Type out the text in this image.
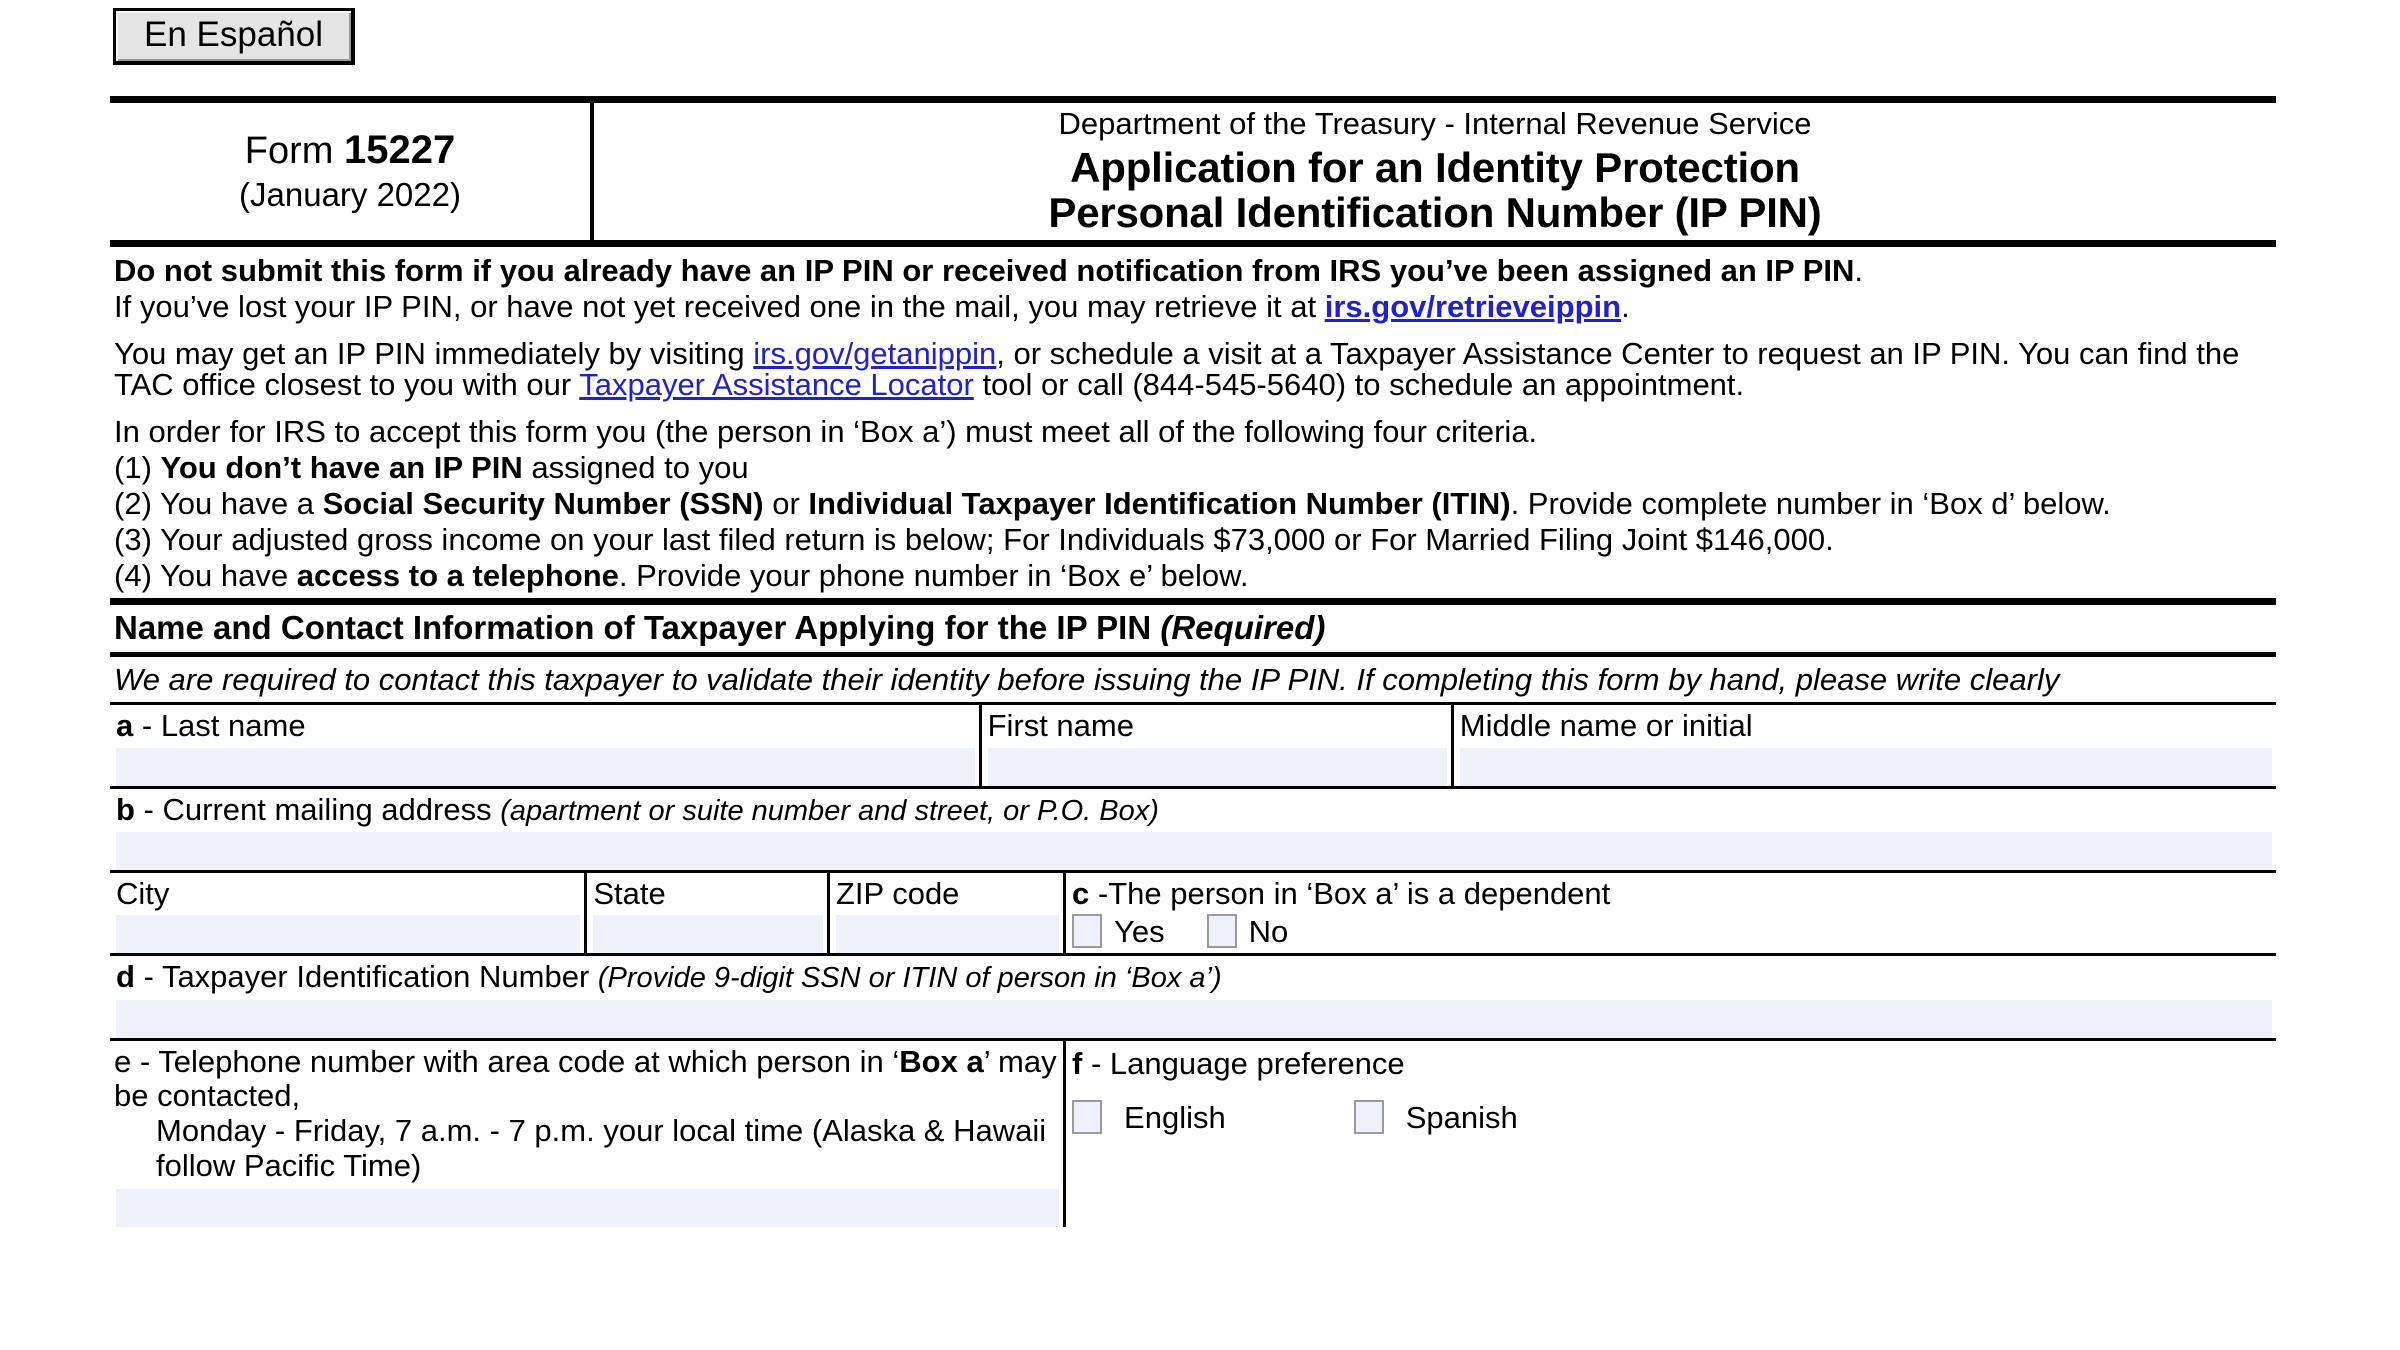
En Español
Form 15227
(January 2022)
Department of the Treasury - Internal Revenue Service
Application for an Identity Protection
Personal Identification Number (IP PIN)

Do not submit this form if you already have an IP PIN or received notification from IRS you’ve been assigned an IP PIN.

If you’ve lost your IP PIN, or have not yet received one in the mail, you may retrieve it at irs.gov/retrieveippin.

You may get an IP PIN immediately by visiting irs.gov/getanippin, or schedule a visit at a Taxpayer Assistance Center to request an IP PIN. You can find the TAC office closest to you with our Taxpayer Assistance Locator tool or call (844-545-5640) to schedule an appointment.

In order for IRS to accept this form you (the person in ‘Box a’) must meet all of the following four criteria.

(1) You don’t have an IP PIN assigned to you

(2) You have a Social Security Number (SSN) or Individual Taxpayer Identification Number (ITIN). Provide complete number in ‘Box d’ below.

(3) Your adjusted gross income on your last filed return is below; For Individuals $73,000 or For Married Filing Joint $146,000.

(4) You have access to a telephone. Provide your phone number in ‘Box e’ below.

Name and Contact Information of Taxpayer Applying for the IP PIN (Required)
We are required to contact this taxpayer to validate their identity before issuing the IP PIN. If completing this form by hand, please write clearly
a - Last name	First name	Middle name or initial
b - Current mailing address (apartment or suite number and street, or P.O. Box)
City	State	ZIP code	c -The person in ‘Box a’ is a dependent
Yes	No
d - Taxpayer Identification Number (Provide 9-digit SSN or ITIN of person in ‘Box a’)
e - Telephone number with area code at which person in ‘Box a’ may be contacted,
Monday - Friday, 7 a.m. - 7 p.m. your local time (Alaska & Hawaii follow Pacific Time)
f - Language preference
English	Spanish
